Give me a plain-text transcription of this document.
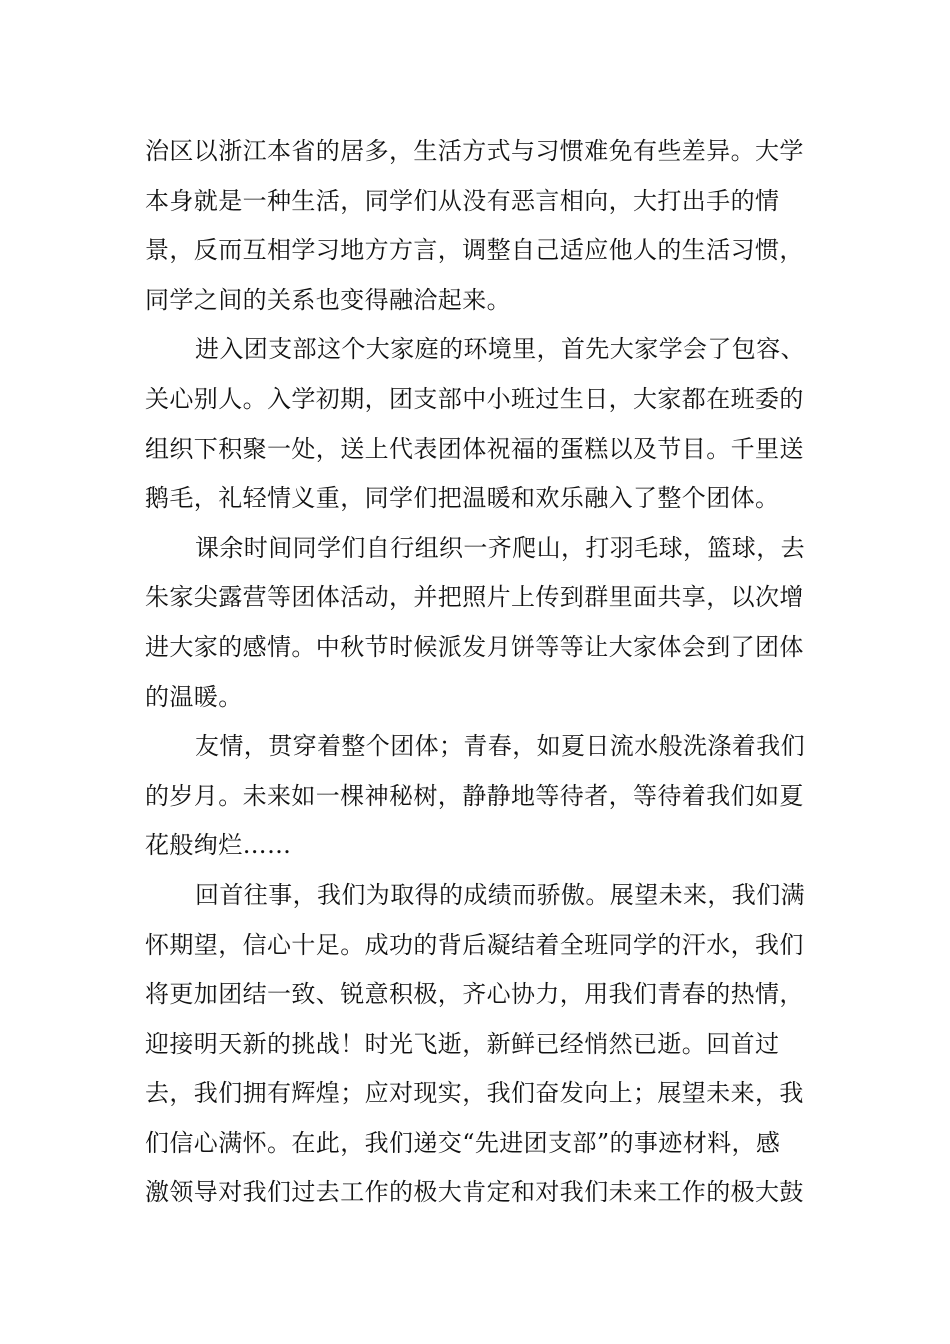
治区以浙江本省的居多，生活方式与习惯难免有些差异。大学
本身就是一种生活，同学们从没有恶言相向，大打出手的情
景，反而互相学习地方方言，调整自己适应他人的生活习惯，
同学之间的关系也变得融洽起来。
进入团支部这个大家庭的环境里，首先大家学会了包容、
关心别人。入学初期，团支部中小班过生日，大家都在班委的
组织下积聚一处，送上代表团体祝福的蛋糕以及节目。千里送
鹅毛，礼轻情义重，同学们把温暖和欢乐融入了整个团体。
课余时间同学们自行组织一齐爬山，打羽毛球，篮球，去
朱家尖露营等团体活动，并把照片上传到群里面共享，以次增
进大家的感情。中秋节时候派发月饼等等让大家体会到了团体
的温暖。
友情，贯穿着整个团体；青春，如夏日流水般洗涤着我们
的岁月。未来如一棵神秘树，静静地等待者，等待着我们如夏
花般绚烂……
回首往事，我们为取得的成绩而骄傲。展望未来，我们满
怀期望，信心十足。成功的背后凝结着全班同学的汗水，我们
将更加团结一致、锐意积极，齐心协力，用我们青春的热情，
迎接明天新的挑战！时光飞逝，新鲜已经悄然已逝。回首过
去，我们拥有辉煌；应对现实，我们奋发向上；展望未来，我
们信心满怀。在此，我们递交“先进团支部”的事迹材料，感
激领导对我们过去工作的极大肯定和对我们未来工作的极大鼓
